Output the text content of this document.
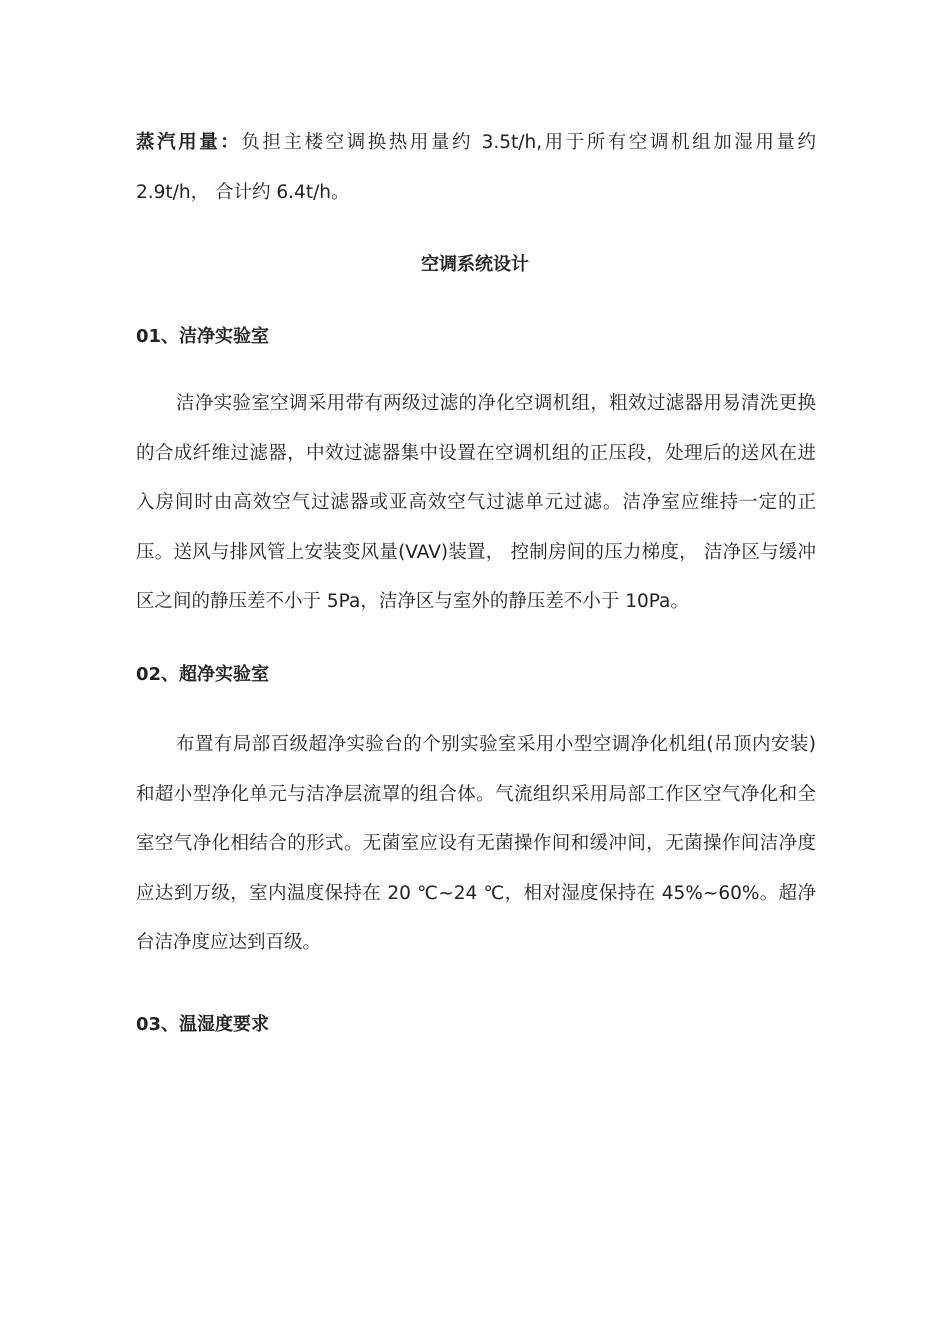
蒸汽用量：负担主楼空调换热用量约 3.5t/h,用于所有空调机组加湿用量约 2.9t/h， 合计约 6.4t/h。

空调系统设计
01、洁净实验室

洁净实验室空调采用带有两级过滤的净化空调机组，粗效过滤器用易清洗更换的合成纤维过滤器，中效过滤器集中设置在空调机组的正压段，处理后的送风在进入房间时由高效空气过滤器或亚高效空气过滤单元过滤。洁净室应维持一定的正压。送风与排风管上安装变风量(VAV)装置， 控制房间的压力梯度， 洁净区与缓冲区之间的静压差不小于 5Pa，洁净区与室外的静压差不小于 10Pa。

02、超净实验室

布置有局部百级超净实验台的个别实验室采用小型空调净化机组(吊顶内安装)和超小型净化单元与洁净层流罩的组合体。气流组织采用局部工作区空气净化和全室空气净化相结合的形式。无菌室应设有无菌操作间和缓冲间，无菌操作间洁净度应达到万级，室内温度保持在 20 ℃~24 ℃，相对湿度保持在 45%~60%。超净台洁净度应达到百级。

03、温湿度要求
